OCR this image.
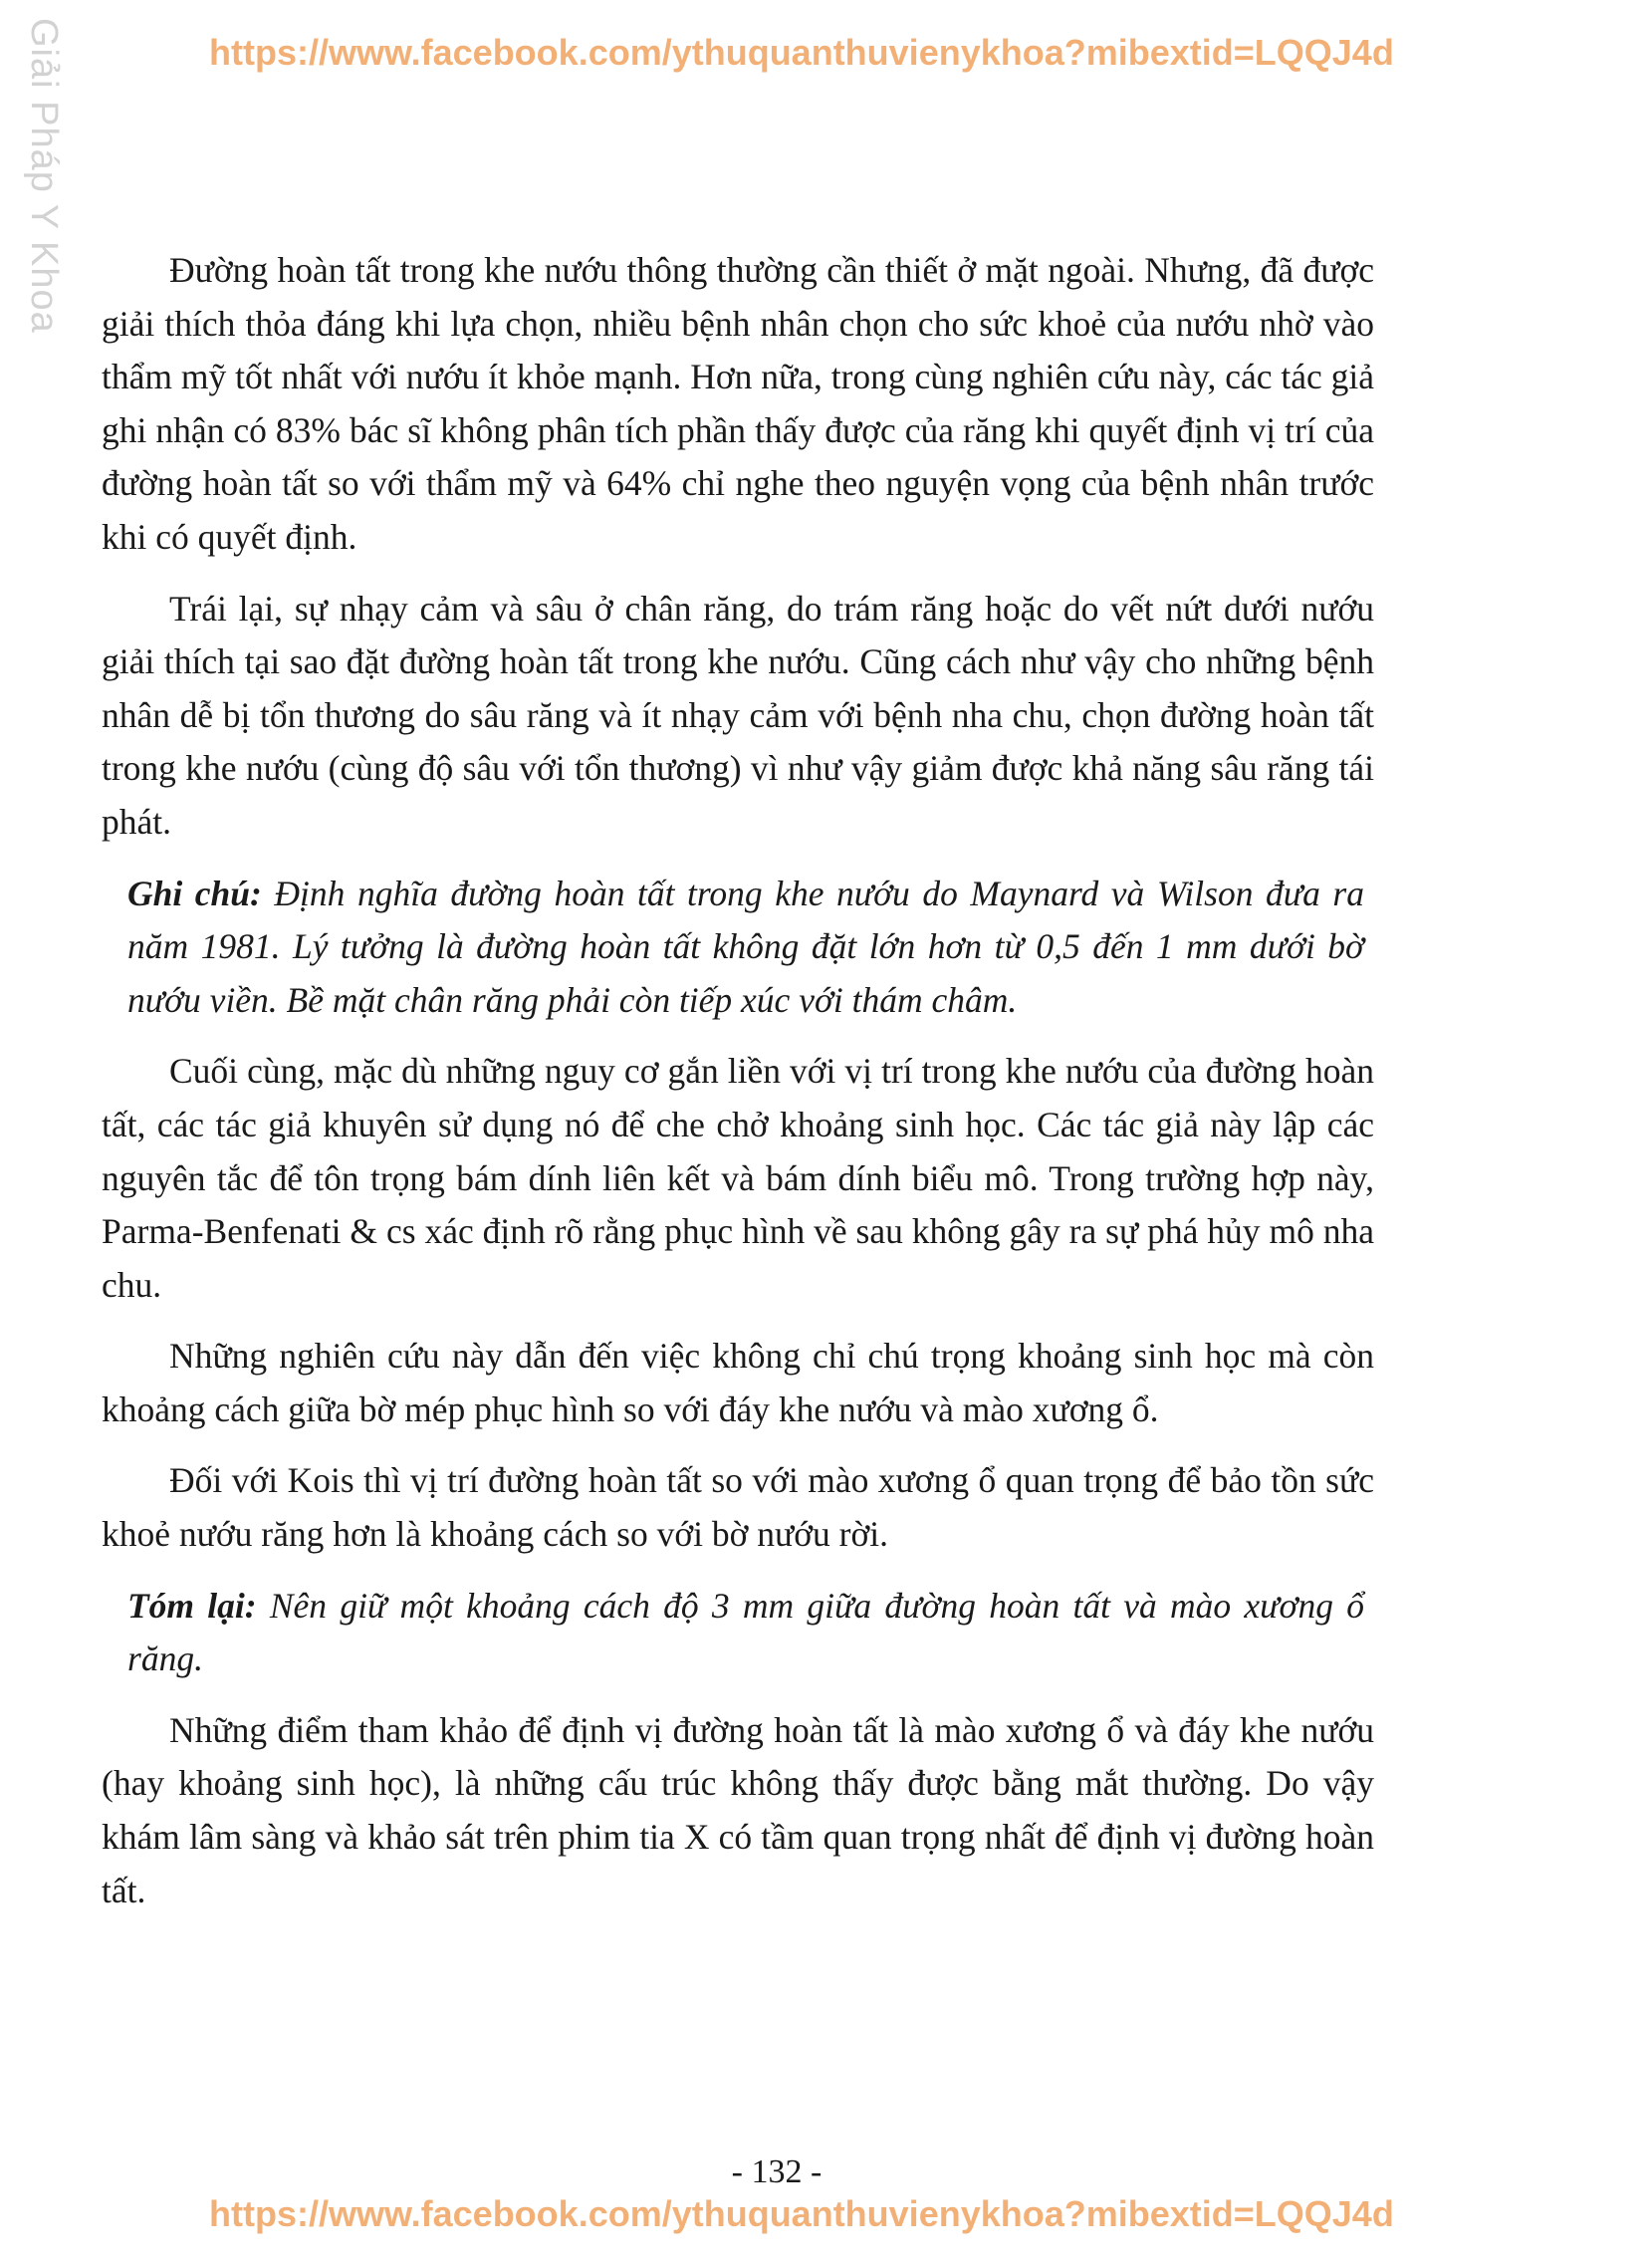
Giải Pháp Y Khoa	https://www.facebook.com/ythuquanthuvienykhoa?mibextid=LQQJ4d

Đường hoàn tất trong khe nướu thông thường cần thiết ở mặt ngoài. Nhưng, đã được giải thích thỏa đáng khi lựa chọn, nhiều bệnh nhân chọn cho sức khoẻ của nướu nhờ vào thẩm mỹ tốt nhất với nướu ít khỏe mạnh. Hơn nữa, trong cùng nghiên cứu này, các tác giả ghi nhận có 83% bác sĩ không phân tích phần thấy được của răng khi quyết định vị trí của đường hoàn tất so với thẩm mỹ và 64% chỉ nghe theo nguyện vọng của bệnh nhân trước khi có quyết định.

Trái lại, sự nhạy cảm và sâu ở chân răng, do trám răng hoặc do vết nứt dưới nướu giải thích tại sao đặt đường hoàn tất trong khe nướu. Cũng cách như vậy cho những bệnh nhân dễ bị tổn thương do sâu răng và ít nhạy cảm với bệnh nha chu, chọn đường hoàn tất trong khe nướu (cùng độ sâu với tổn thương) vì như vậy giảm được khả năng sâu răng tái phát.

Ghi chú: Định nghĩa đường hoàn tất trong khe nướu do Maynard và Wilson đưa ra năm 1981. Lý tưởng là đường hoàn tất không đặt lớn hơn từ 0,5 đến 1 mm dưới bờ nướu viền. Bề mặt chân răng phải còn tiếp xúc với thám châm.

Cuối cùng, mặc dù những nguy cơ gắn liền với vị trí trong khe nướu của đường hoàn tất, các tác giả khuyên sử dụng nó để che chở khoảng sinh học. Các tác giả này lập các nguyên tắc để tôn trọng bám dính liên kết và bám dính biểu mô. Trong trường hợp này, Parma-Benfenati & cs xác định rõ rằng phục hình về sau không gây ra sự phá hủy mô nha chu.

Những nghiên cứu này dẫn đến việc không chỉ chú trọng khoảng sinh học mà còn khoảng cách giữa bờ mép phục hình so với đáy khe nướu và mào xương ổ.

Đối với Kois thì vị trí đường hoàn tất so với mào xương ổ quan trọng để bảo tồn sức khoẻ nướu răng hơn là khoảng cách so với bờ nướu rời.

Tóm lại: Nên giữ một khoảng cách độ 3 mm giữa đường hoàn tất và mào xương ổ răng.

Những điểm tham khảo để định vị đường hoàn tất là mào xương ổ và đáy khe nướu (hay khoảng sinh học), là những cấu trúc không thấy được bằng mắt thường. Do vậy khám lâm sàng và khảo sát trên phim tia X có tầm quan trọng nhất để định vị đường hoàn tất.

- 132 -
https://www.facebook.com/ythuquanthuvienykhoa?mibextid=LQQJ4d
